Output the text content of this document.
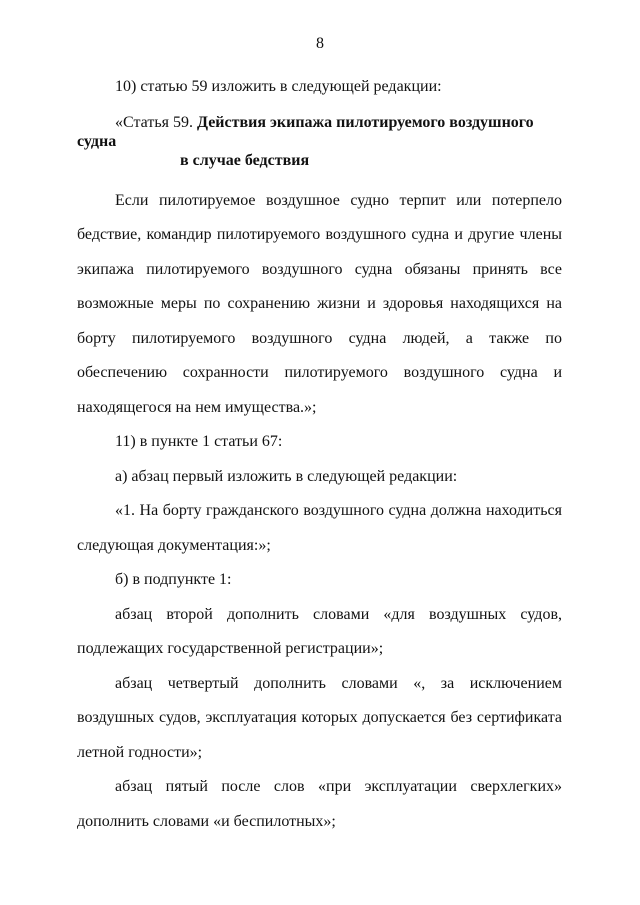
8

10) статью 59 изложить в следующей редакции:

«Статья 59. Действия экипажа пилотируемого воздушного судна
в случае бедствия

Если пилотируемое воздушное судно терпит или потерпело бедствие, командир пилотируемого воздушного судна и другие члены экипажа пилотируемого воздушного судна обязаны принять все возможные меры по сохранению жизни и здоровья находящихся на борту пилотируемого воздушного судна людей, а также по обеспечению сохранности пилотируемого воздушного судна и находящегося на нем имущества.»;

11) в пункте 1 статьи 67:

а) абзац первый изложить в следующей редакции:

«1. На борту гражданского воздушного судна должна находиться следующая документация:»;

б) в подпункте 1:

абзац второй дополнить словами «для воздушных судов, подлежащих государственной регистрации»;

абзац четвертый дополнить словами «, за исключением воздушных судов, эксплуатация которых допускается без сертификата летной годности»;

абзац пятый после слов «при эксплуатации сверхлегких» дополнить словами «и беспилотных»;
